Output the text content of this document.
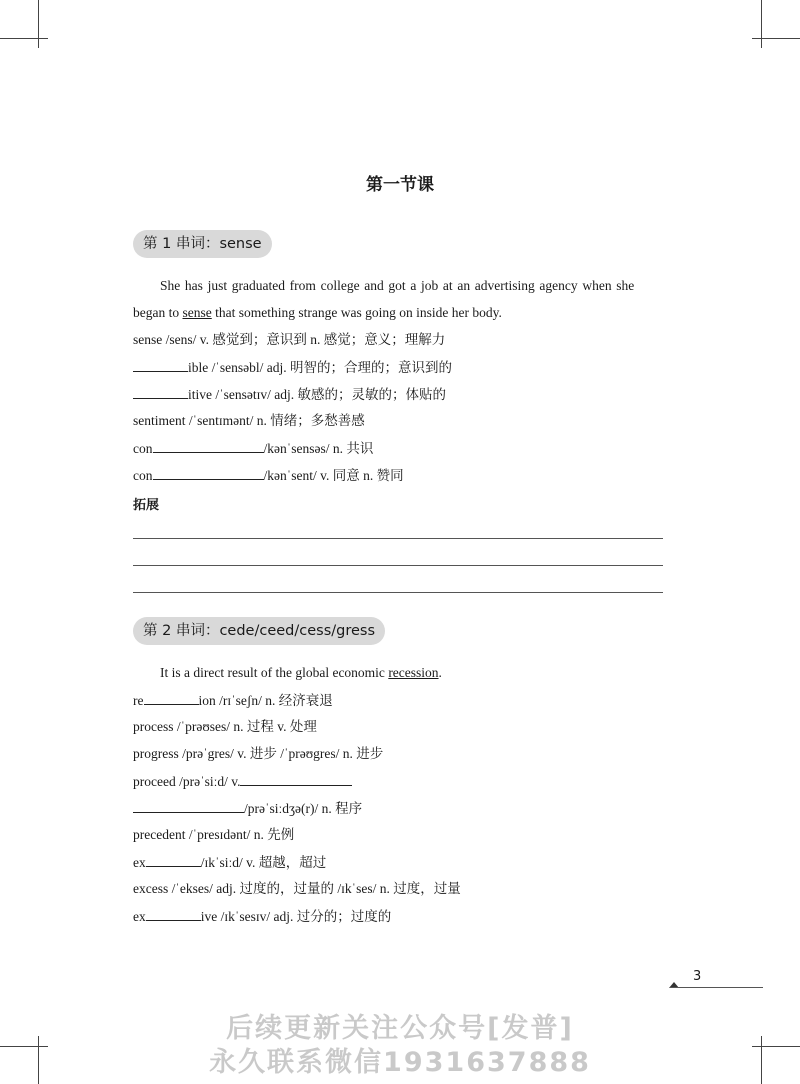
第一节课
第 1 串词：sense
She has just graduated from college and got a job at an advertising agency when she
began to sense that something strange was going on inside her body.
sense /sens/ v. 感觉到；意识到 n. 感觉；意义；理解力
ible /ˈsensəbl/ adj. 明智的；合理的；意识到的
itive /ˈsensətɪv/ adj. 敏感的；灵敏的；体贴的
sentiment /ˈsentɪmənt/ n. 情绪；多愁善感
con	/kənˈsensəs/ n. 共识
con	/kənˈsent/ v. 同意 n. 赞同
拓展
第 2 串词：cede/ceed/cess/gress
It is a direct result of the global economic recession.
re	ion /rɪˈseʃn/ n. 经济衰退
process /ˈprəʊses/ n. 过程 v. 处理
progress /prəˈgres/ v. 进步 /ˈprəʊgres/ n. 进步
proceed /prəˈsiːd/ v.
/prəˈsiːdʒə(r)/ n. 程序
precedent /ˈpresɪdənt/ n. 先例
ex	/ɪkˈsiːd/ v. 超越，超过
excess /ˈekses/ adj. 过度的，过量的 /ɪkˈses/ n. 过度，过量
ex	ive /ɪkˈsesɪv/ adj. 过分的；过度的
3
后续更新关注公众号[发普]
永久联系微信1931637888
